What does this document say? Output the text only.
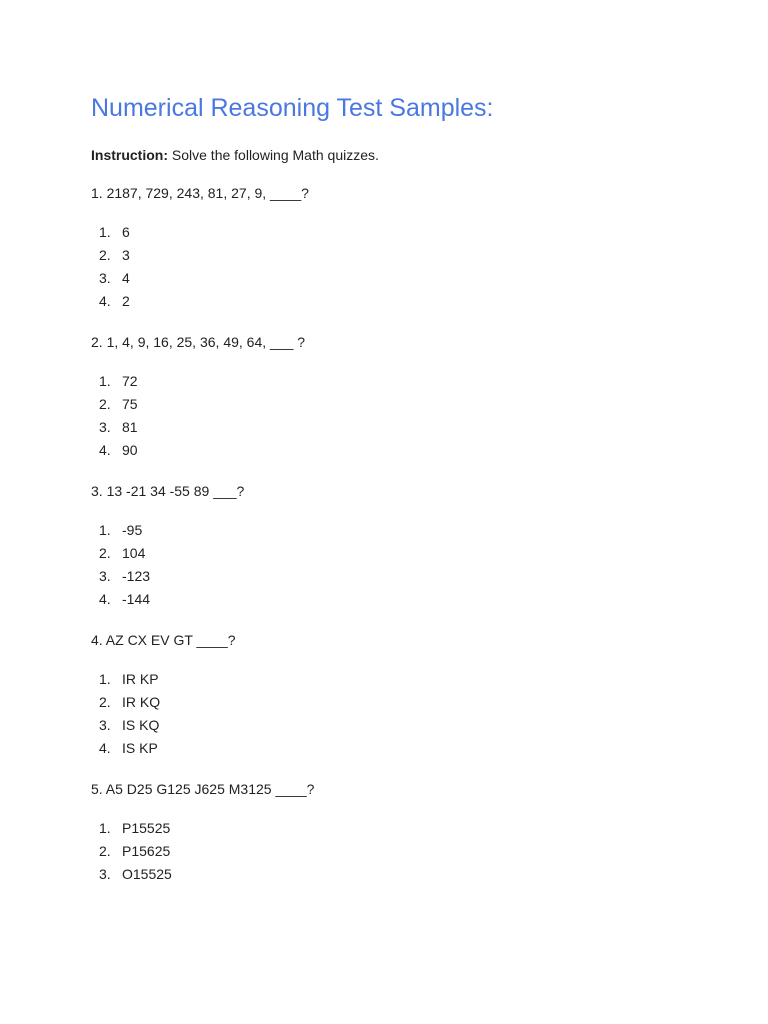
Numerical Reasoning Test Samples:
Instruction: Solve the following Math quizzes.
1. 2187, 729, 243, 81, 27, 9, ____?
1. 6
2. 3
3. 4
4. 2
2. 1, 4, 9, 16, 25, 36, 49, 64, ___ ?
1. 72
2. 75
3. 81
4. 90
3. 13 -21 34 -55 89 ___?
1. -95
2. 104
3. -123
4. -144
4. AZ CX EV GT ____?
1. IR KP
2. IR KQ
3. IS KQ
4. IS KP
5. A5 D25 G125 J625 M3125 ____?
1. P15525
2. P15625
3. O15525
